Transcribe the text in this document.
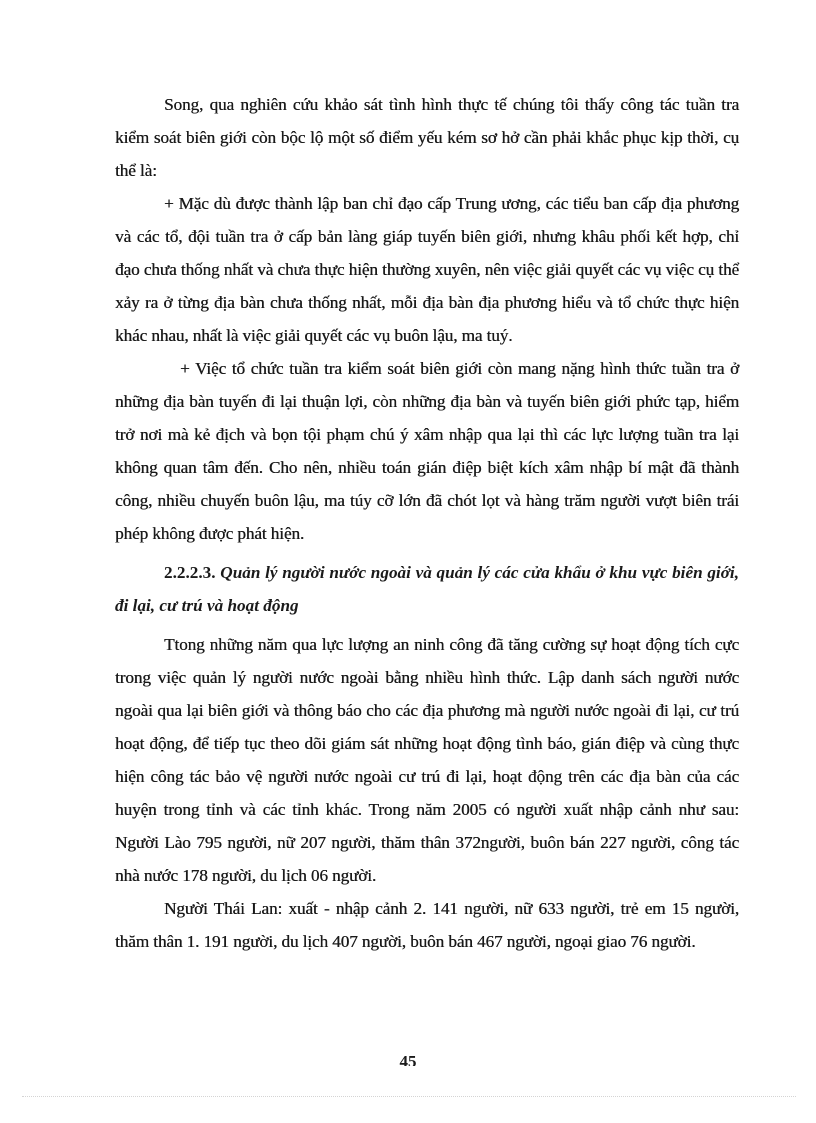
Song, qua nghiên cứu khảo sát tình hình thực tế chúng tôi thấy công tác tuần tra kiểm soát biên giới còn bộc lộ một số điểm yếu kém sơ hở cần phải khắc phục kịp thời, cụ thể là:

+ Mặc dù được thành lập ban chỉ đạo cấp Trung ương, các tiểu ban cấp địa phương và các tổ, đội tuần tra ở cấp bản làng giáp tuyến biên giới, nhưng khâu phối kết hợp, chỉ đạo chưa thống nhất và chưa thực hiện thường xuyên, nên việc giải quyết các vụ việc cụ thể xảy ra ở từng địa bàn chưa thống nhất, mỗi địa bàn địa phương hiểu và tổ chức thực hiện khác nhau, nhất là việc giải quyết các vụ buôn lậu, ma tuý.

+ Việc tổ chức tuần tra kiểm soát biên giới còn mang nặng hình thức tuần tra ở những địa bàn tuyến đi lại thuận lợi, còn những địa bàn và tuyến biên giới phức tạp, hiểm trở nơi mà kẻ địch và bọn tội phạm chú ý xâm nhập qua lại thì các lực lượng tuần tra lại không quan tâm đến. Cho nên, nhiều toán gián điệp biệt kích xâm nhập bí mật đã thành công, nhiều chuyến buôn lậu, ma túy cỡ lớn đã chót lọt và hàng trăm người vượt biên trái phép không được phát hiện.

2.2.2.3. Quản lý người nước ngoài và quản lý các cửa khẩu ở khu vực biên giới, đi lại, cư trú và hoạt động

Ttong những năm qua lực lượng an ninh công đã tăng cường sự hoạt động tích cực trong việc quản lý người nước ngoài bằng nhiều hình thức. Lập danh sách người nước ngoài qua lại biên giới và thông báo cho các địa phương mà người nước ngoài đi lại, cư trú hoạt động, để tiếp tục theo dõi giám sát những hoạt động tình báo, gián điệp và cùng thực hiện công tác bảo vệ người nước ngoài cư trú đi lại, hoạt động trên các địa bàn của các huyện trong tỉnh và các tỉnh khác. Trong năm 2005 có người xuất nhập cảnh như sau: Người Lào 795 người, nữ 207 người, thăm thân 372người, buôn bán 227 người, công tác nhà nước 178 người, du lịch 06 người.

Người Thái Lan: xuất - nhập cảnh 2. 141 người, nữ 633 người, trẻ em 15 người, thăm thân 1. 191 người, du lịch 407 người, buôn bán 467 người, ngoại giao 76 người.

45
